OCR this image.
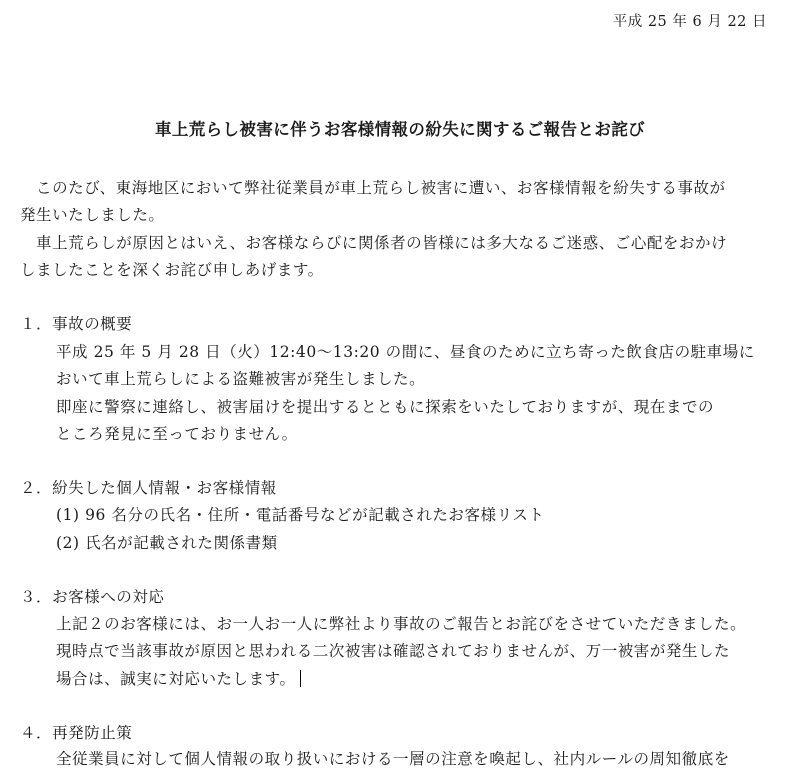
平成 25 年 6 月 22 日
車上荒らし被害に伴うお客様情報の紛失に関するご報告とお詫び
　このたび、東海地区において弊社従業員が車上荒らし被害に遭い、お客様情報を紛失する事故が
発生いたしました。
　車上荒らしが原因とはいえ、お客様ならびに関係者の皆様には多大なるご迷惑、ご心配をおかけ
しましたことを深くお詫び申しあげます。
１．事故の概要
平成 25 年 5 月 28 日（火）12:40～13:20 の間に、昼食のために立ち寄った飲食店の駐車場に
おいて車上荒らしによる盗難被害が発生しました。
即座に警察に連絡し、被害届けを提出するとともに探索をいたしておりますが、現在までの
ところ発見に至っておりません。
２．紛失した個人情報・お客様情報
(1) 96 名分の氏名・住所・電話番号などが記載されたお客様リスト
(2) 氏名が記載された関係書類
３．お客様への対応
上記２のお客様には、お一人お一人に弊社より事故のご報告とお詫びをさせていただきました。
現時点で当該事故が原因と思われる二次被害は確認されておりませんが、万一被害が発生した
場合は、誠実に対応いたします。
４．再発防止策
全従業員に対して個人情報の取り扱いにおける一層の注意を喚起し、社内ルールの周知徹底を
